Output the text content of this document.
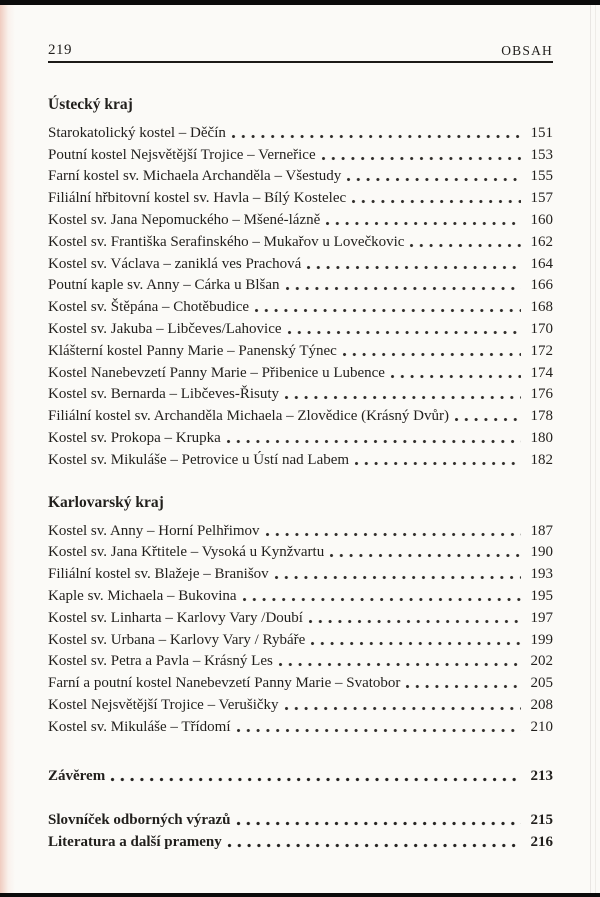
219	OBSAH
Ústecký kraj
Starokatolický kostel – Děčín	151
Poutní kostel Nejsvětější Trojice – Verneřice	153
Farní kostel sv. Michaela Archanděla – Všestudy	155
Filiální hřbitovní kostel sv. Havla – Bílý Kostelec	157
Kostel sv. Jana Nepomuckého – Mšené-lázně	160
Kostel sv. Františka Serafinského – Mukařov u Lovečkovic	162
Kostel sv. Václava – zaniklá ves Prachová	164
Poutní kaple sv. Anny – Cárka u Blšan	166
Kostel sv. Štěpána – Chotěbudice	168
Kostel sv. Jakuba – Libčeves/Lahovice	170
Klášterní kostel Panny Marie – Panenský Týnec	172
Kostel Nanebevzetí Panny Marie – Přibenice u Lubence	174
Kostel sv. Bernarda – Libčeves-Řisuty	176
Filiální kostel sv. Archanděla Michaela – Zlovědice (Krásný Dvůr)	178
Kostel sv. Prokopa – Krupka	180
Kostel sv. Mikuláše – Petrovice u Ústí nad Labem	182
Karlovarský kraj
Kostel sv. Anny – Horní Pelhřimov	187
Kostel sv. Jana Křtitele – Vysoká u Kynžvartu	190
Filiální kostel sv. Blažeje – Branišov	193
Kaple sv. Michaela – Bukovina	195
Kostel sv. Linharta – Karlovy Vary /Doubí	197
Kostel sv. Urbana – Karlovy Vary / Rybáře	199
Kostel sv. Petra a Pavla – Krásný Les	202
Farní a poutní kostel Nanebevzetí Panny Marie – Svatobor	205
Kostel Nejsvětější Trojice – Verušičky	208
Kostel sv. Mikuláše – Třídomí	210
Závěrem	213
Slovníček odborných výrazů	215
Literatura a další prameny	216
